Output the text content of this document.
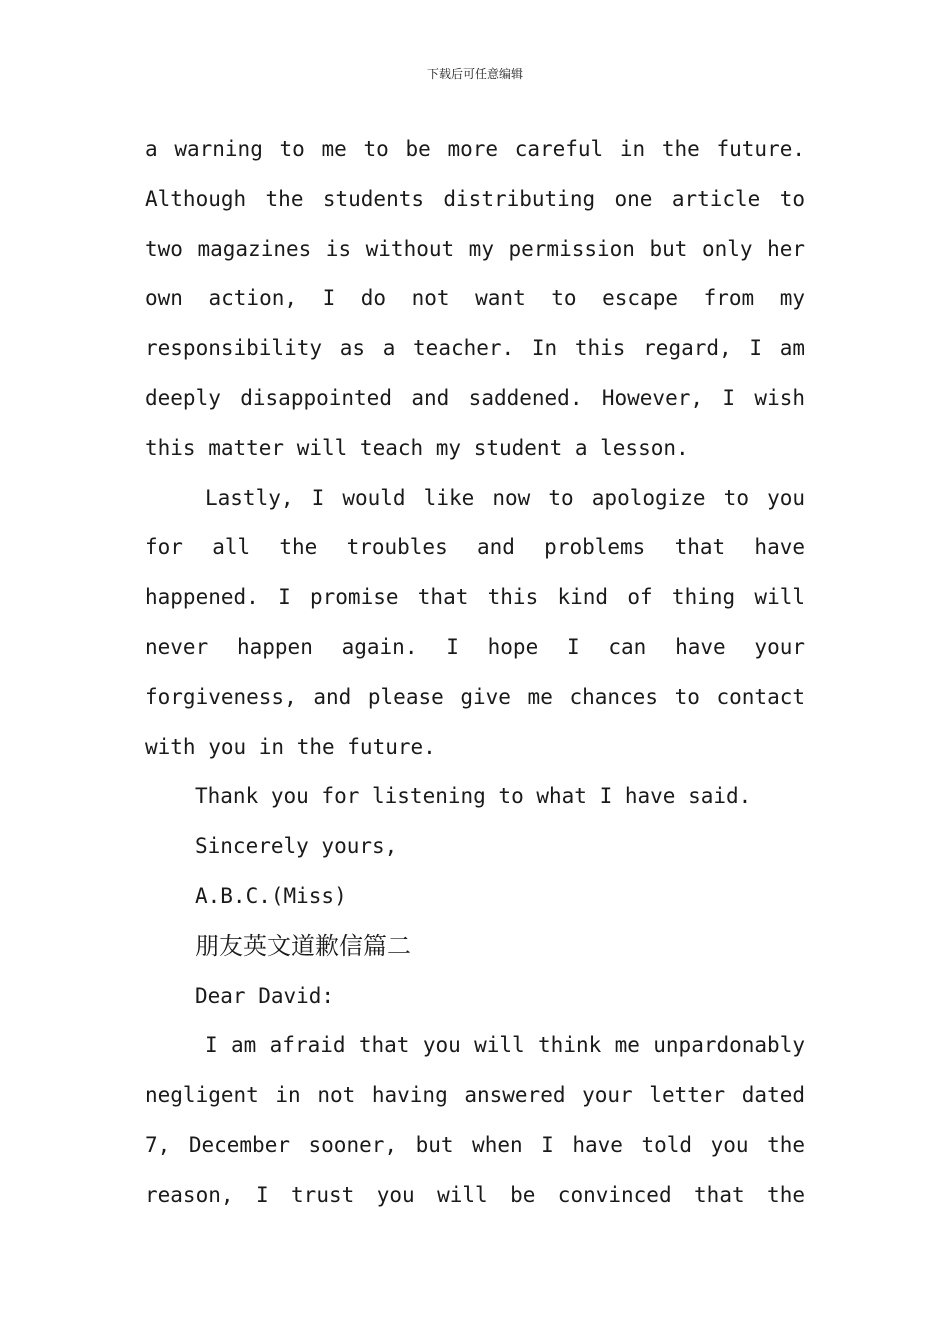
下载后可任意编辑

a warning to me to be more careful in the future.

Although the students distributing one article to

two magazines is without my permission but only her

own action, I do not want to escape from my

responsibility as a teacher. In this regard, I am

deeply disappointed and saddened. However, I wish

this matter will teach my student a lesson.

Lastly, I would like now to apologize to you

for all the troubles and problems that have

happened. I promise that this kind of thing will

never happen again. I hope I can have your

forgiveness, and please give me chances to contact

with you in the future.

Thank you for listening to what I have said.

Sincerely yours,

A.B.C.(Miss)

朋友英文道歉信篇二

Dear David:

I am afraid that you will think me unpardonably

negligent in not having answered your letter dated

7, December sooner, but when I have told you the

reason, I trust you will be convinced that the
